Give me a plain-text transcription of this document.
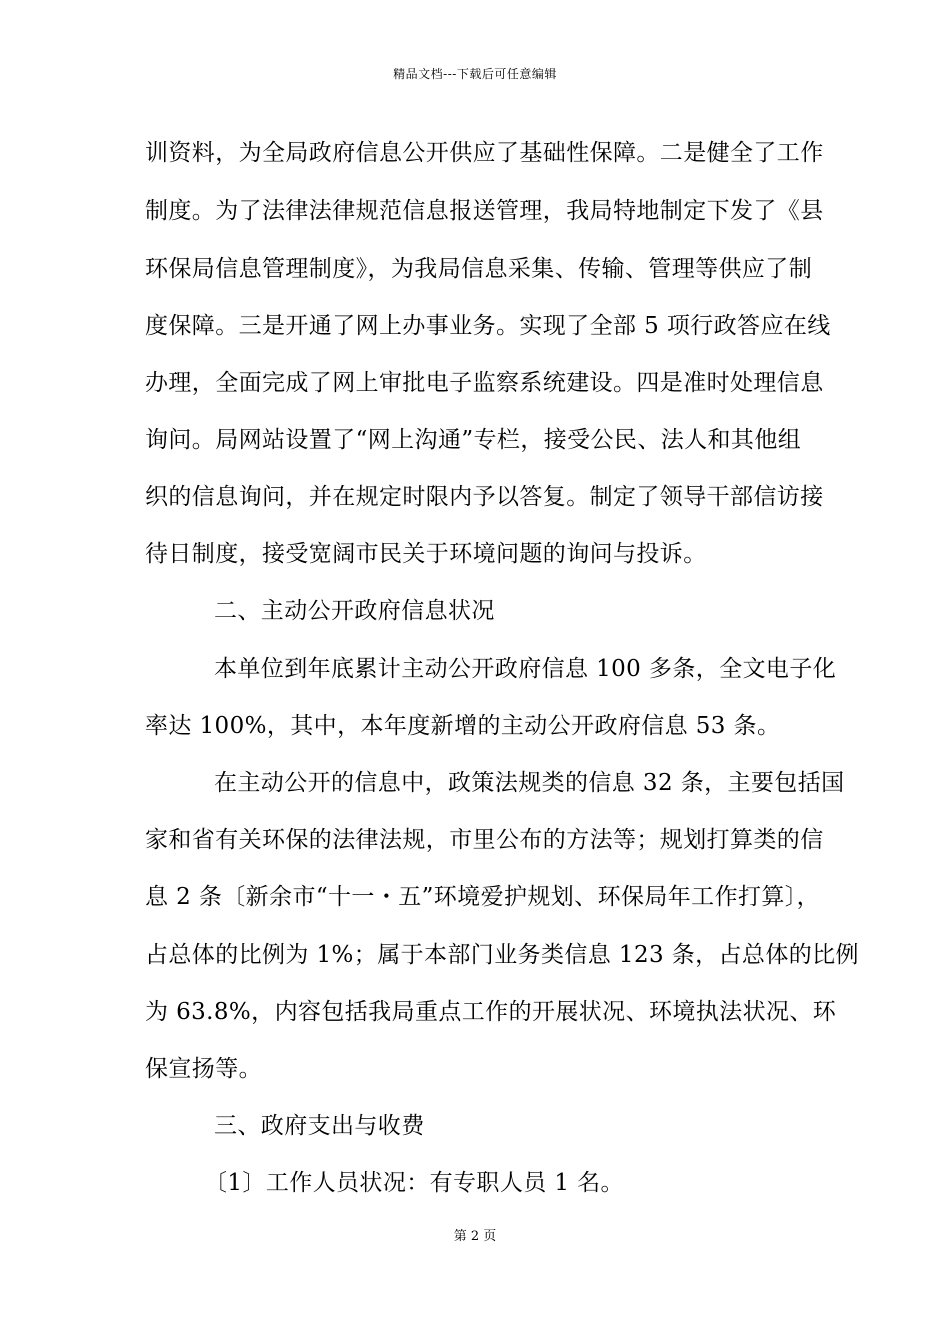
精品文档---下载后可任意编辑
训资料，为全局政府信息公开供应了基础性保障。二是健全了工作
制度。为了法律法律规范信息报送管理，我局特地制定下发了《县
环保局信息管理制度》，为我局信息采集、传输、管理等供应了制
度保障。三是开通了网上办事业务。实现了全部 5 项行政答应在线
办理，全面完成了网上审批电子监察系统建设。四是准时处理信息
询问。局网站设置了“网上沟通”专栏，接受公民、法人和其他组
织的信息询问，并在规定时限内予以答复。制定了领导干部信访接
待日制度，接受宽阔市民关于环境问题的询问与投诉。
二、主动公开政府信息状况
本单位到年底累计主动公开政府信息 100 多条，全文电子化
率达 100%，其中，本年度新增的主动公开政府信息 53 条。
在主动公开的信息中，政策法规类的信息 32 条，主要包括国
家和省有关环保的法律法规，市里公布的方法等；规划打算类的信
息 2 条〔新余市“十一・五”环境爱护规划、环保局年工作打算〕，
占总体的比例为 1%；属于本部门业务类信息 123 条，占总体的比例
为 63.8%，内容包括我局重点工作的开展状况、环境执法状况、环
保宣扬等。
三、政府支出与收费
〔1〕工作人员状况：有专职人员 1 名。
第 2 页
